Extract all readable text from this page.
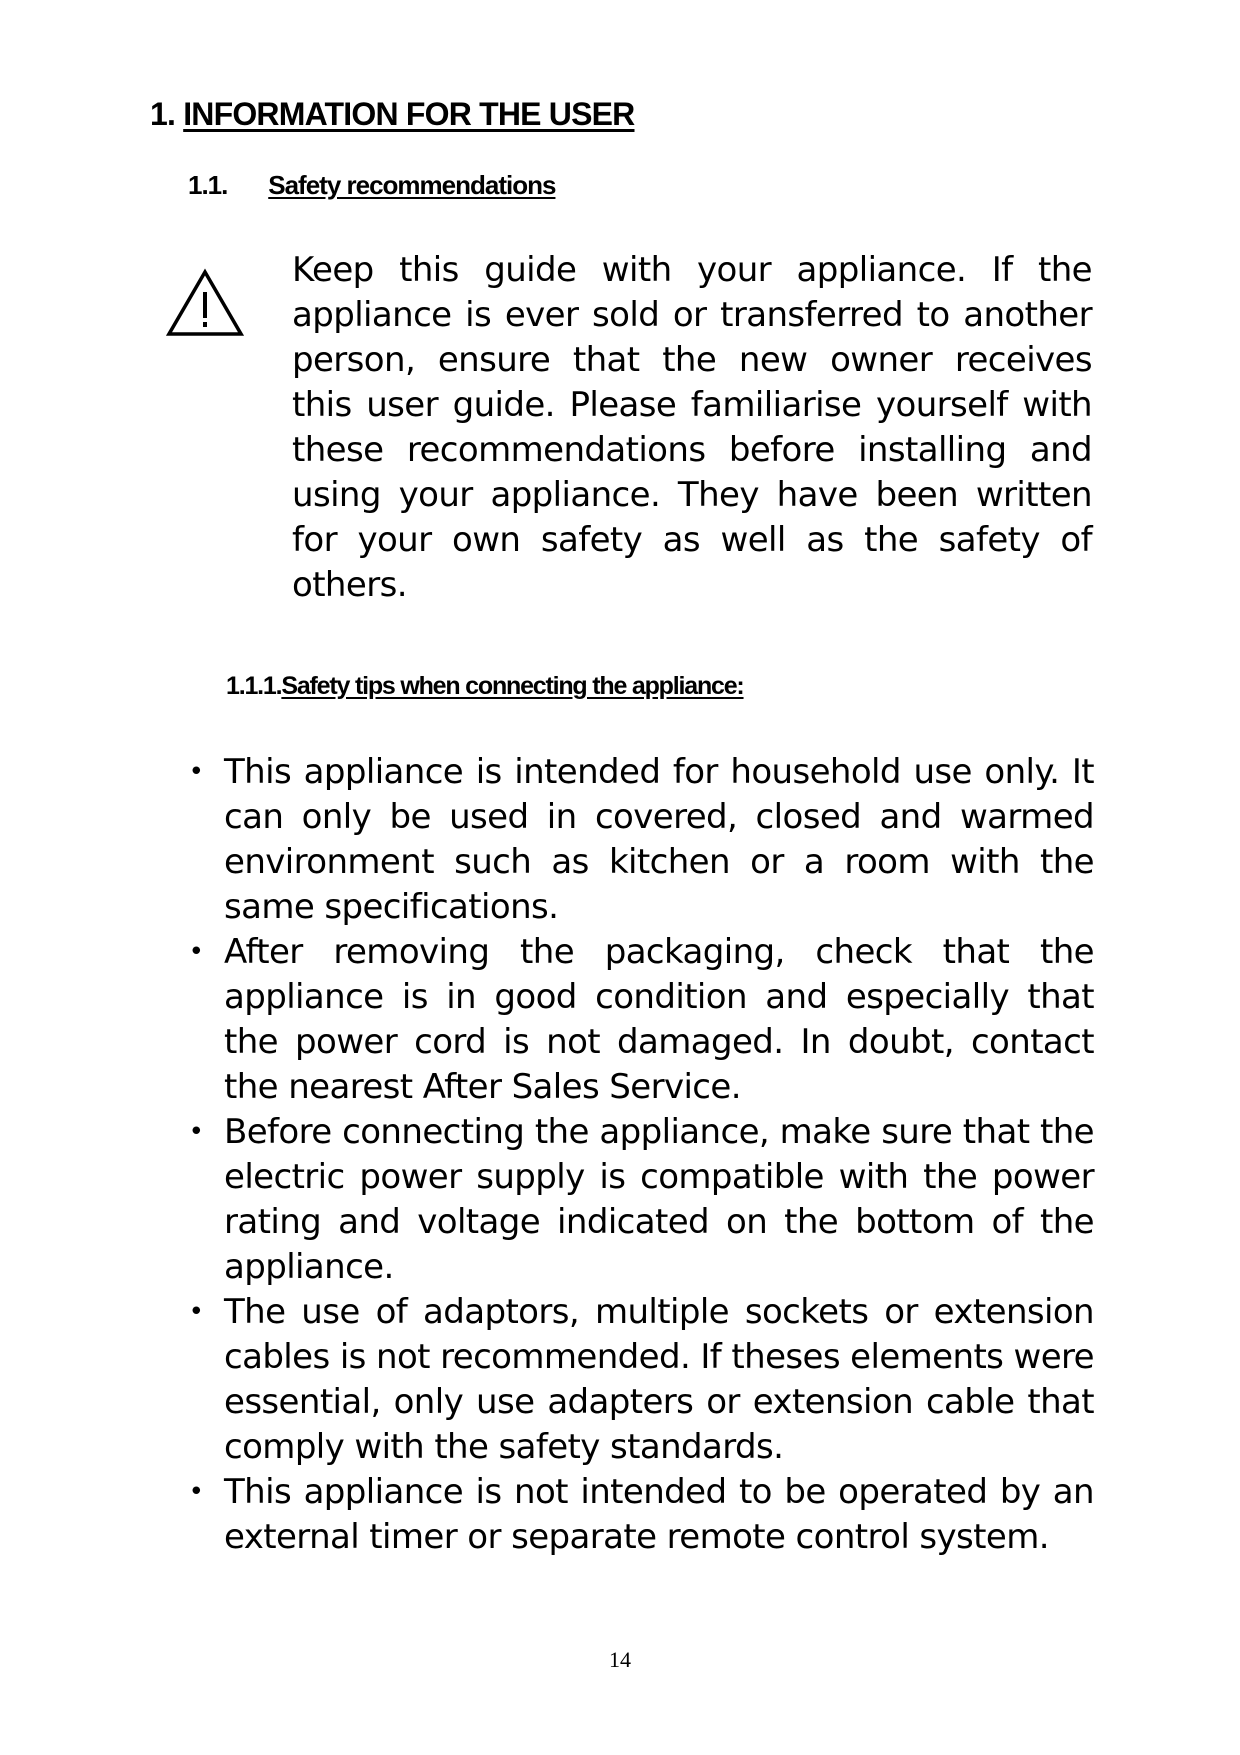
1. INFORMATION FOR THE USER
1.1. Safety recommendations
Keep this guide with your appliance. If the appliance is ever sold or transferred to another person, ensure that the new owner receives this user guide. Please familiarise yourself with these recommendations before installing and using your appliance. They have been written for your own safety as well as the safety of others.
1.1.1.Safety tips when connecting the appliance:
• This appliance is intended for household use only. It can only be used in covered, closed and warmed environment such as kitchen or a room with the same specifications.
• After removing the packaging, check that the appliance is in good condition and especially that the power cord is not damaged. In doubt, contact the nearest After Sales Service.
• Before connecting the appliance, make sure that the electric power supply is compatible with the power rating and voltage indicated on the bottom of the appliance.
• The use of adaptors, multiple sockets or extension cables is not recommended. If theses elements were essential, only use adapters or extension cable that comply with the safety standards.
• This appliance is not intended to be operated by an external timer or separate remote control system.
14
